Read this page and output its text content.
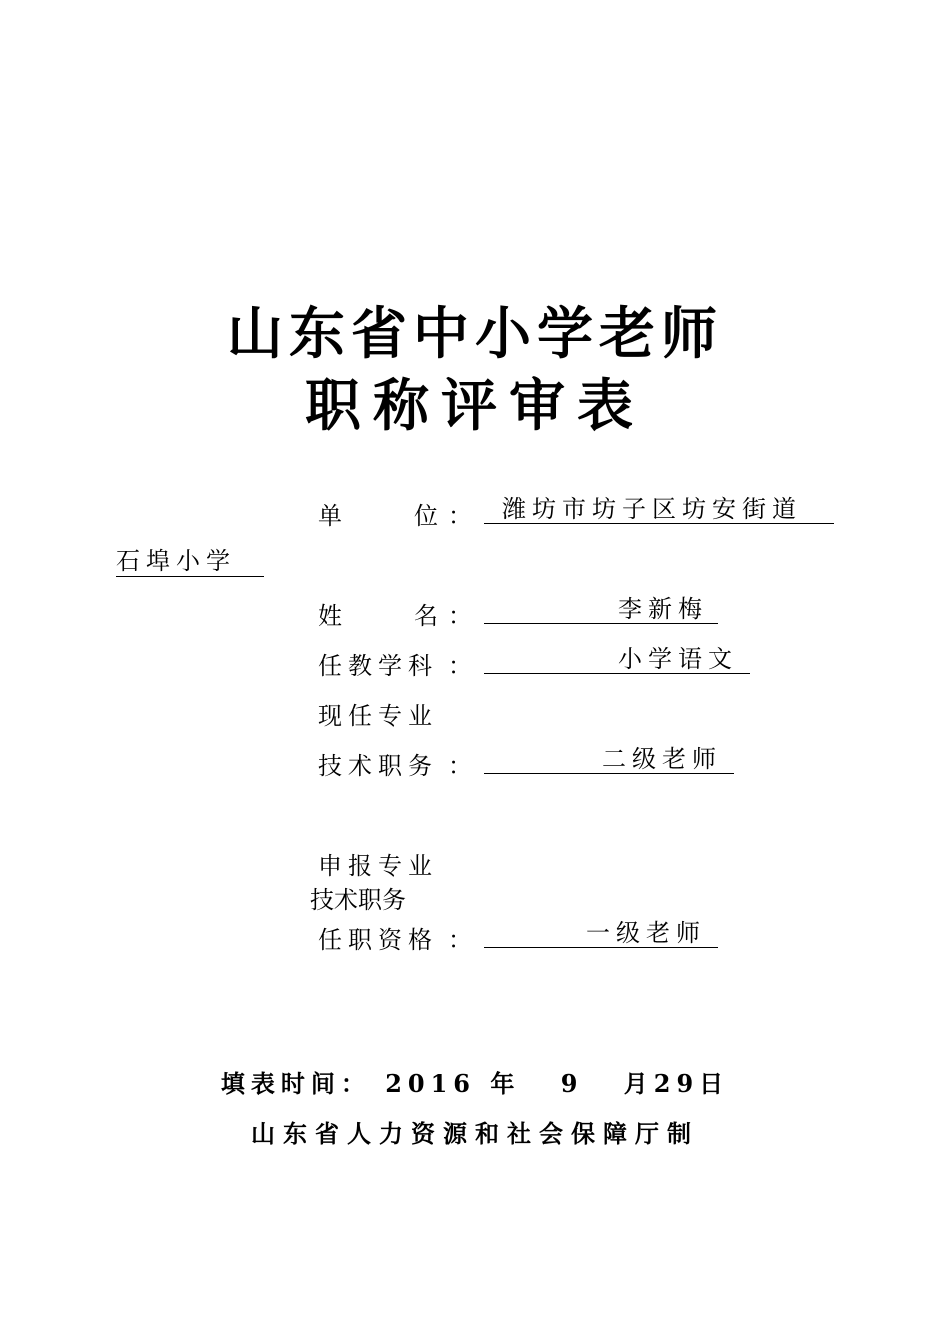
山东省中小学老师
职称评审表
单	位 ：	潍坊市坊子区坊安街道
石埠小学
姓	名 ：	李新梅
任教学科 ：	小学语文
现任专业
技术职务 ：	二级老师
申报专业
技术职务
任职资格 ：	一级老师
填表时间： 2016 年 9 月29日
山东省人力资源和社会保障厅制
